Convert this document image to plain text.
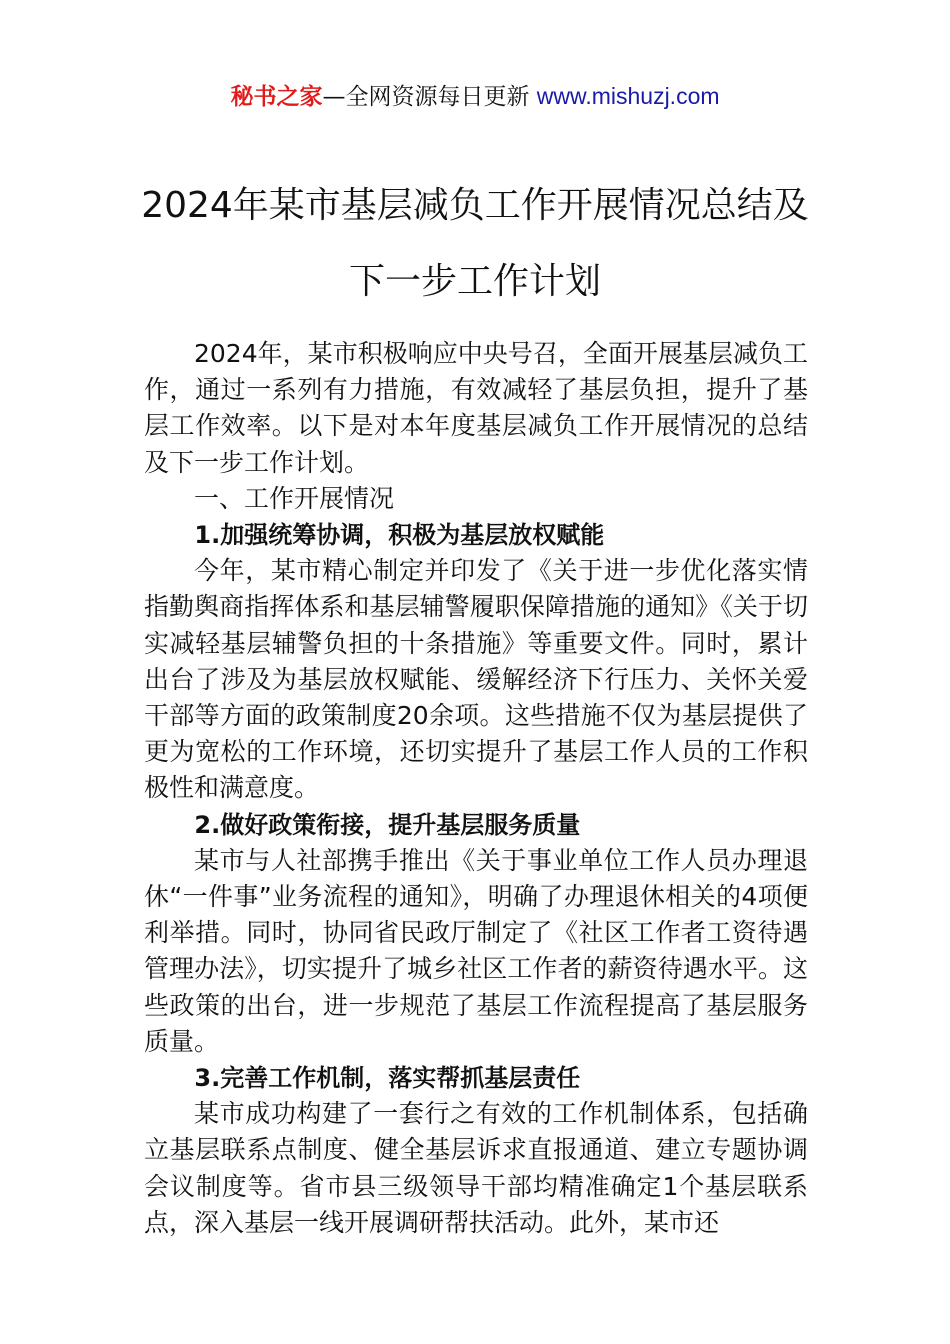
秘书之家—全网资源每日更新 www.mishuzj.com
2024年某市基层减负工作开展情况总结及
下一步工作计划

2024年，某市积极响应中央号召，全面开展基层减负工作，通过一系列有力措施，有效减轻了基层负担，提升了基层工作效率。以下是对本年度基层减负工作开展情况的总结及下一步工作计划。

一、工作开展情况

1.加强统筹协调，积极为基层放权赋能

今年，某市精心制定并印发了《关于进一步优化落实情指勤舆商指挥体系和基层辅警履职保障措施的通知》《关于切实减轻基层辅警负担的十条措施》等重要文件。同时，累计出台了涉及为基层放权赋能、缓解经济下行压力、关怀关爱干部等方面的政策制度20余项。这些措施不仅为基层提供了更为宽松的工作环境，还切实提升了基层工作人员的工作积极性和满意度。

2.做好政策衔接，提升基层服务质量

某市与人社部携手推出《关于事业单位工作人员办理退休“一件事”业务流程的通知》，明确了办理退休相关的4项便利举措。同时，协同省民政厅制定了《社区工作者工资待遇管理办法》，切实提升了城乡社区工作者的薪资待遇水平。这些政策的出台，进一步规范了基层工作流程提高了基层服务质量。

3.完善工作机制，落实帮抓基层责任

某市成功构建了一套行之有效的工作机制体系，包括确立基层联系点制度、健全基层诉求直报通道、建立专题协调会议制度等。省市县三级领导干部均精准确定1个基层联系点，深入基层一线开展调研帮扶活动。此外，某市还
